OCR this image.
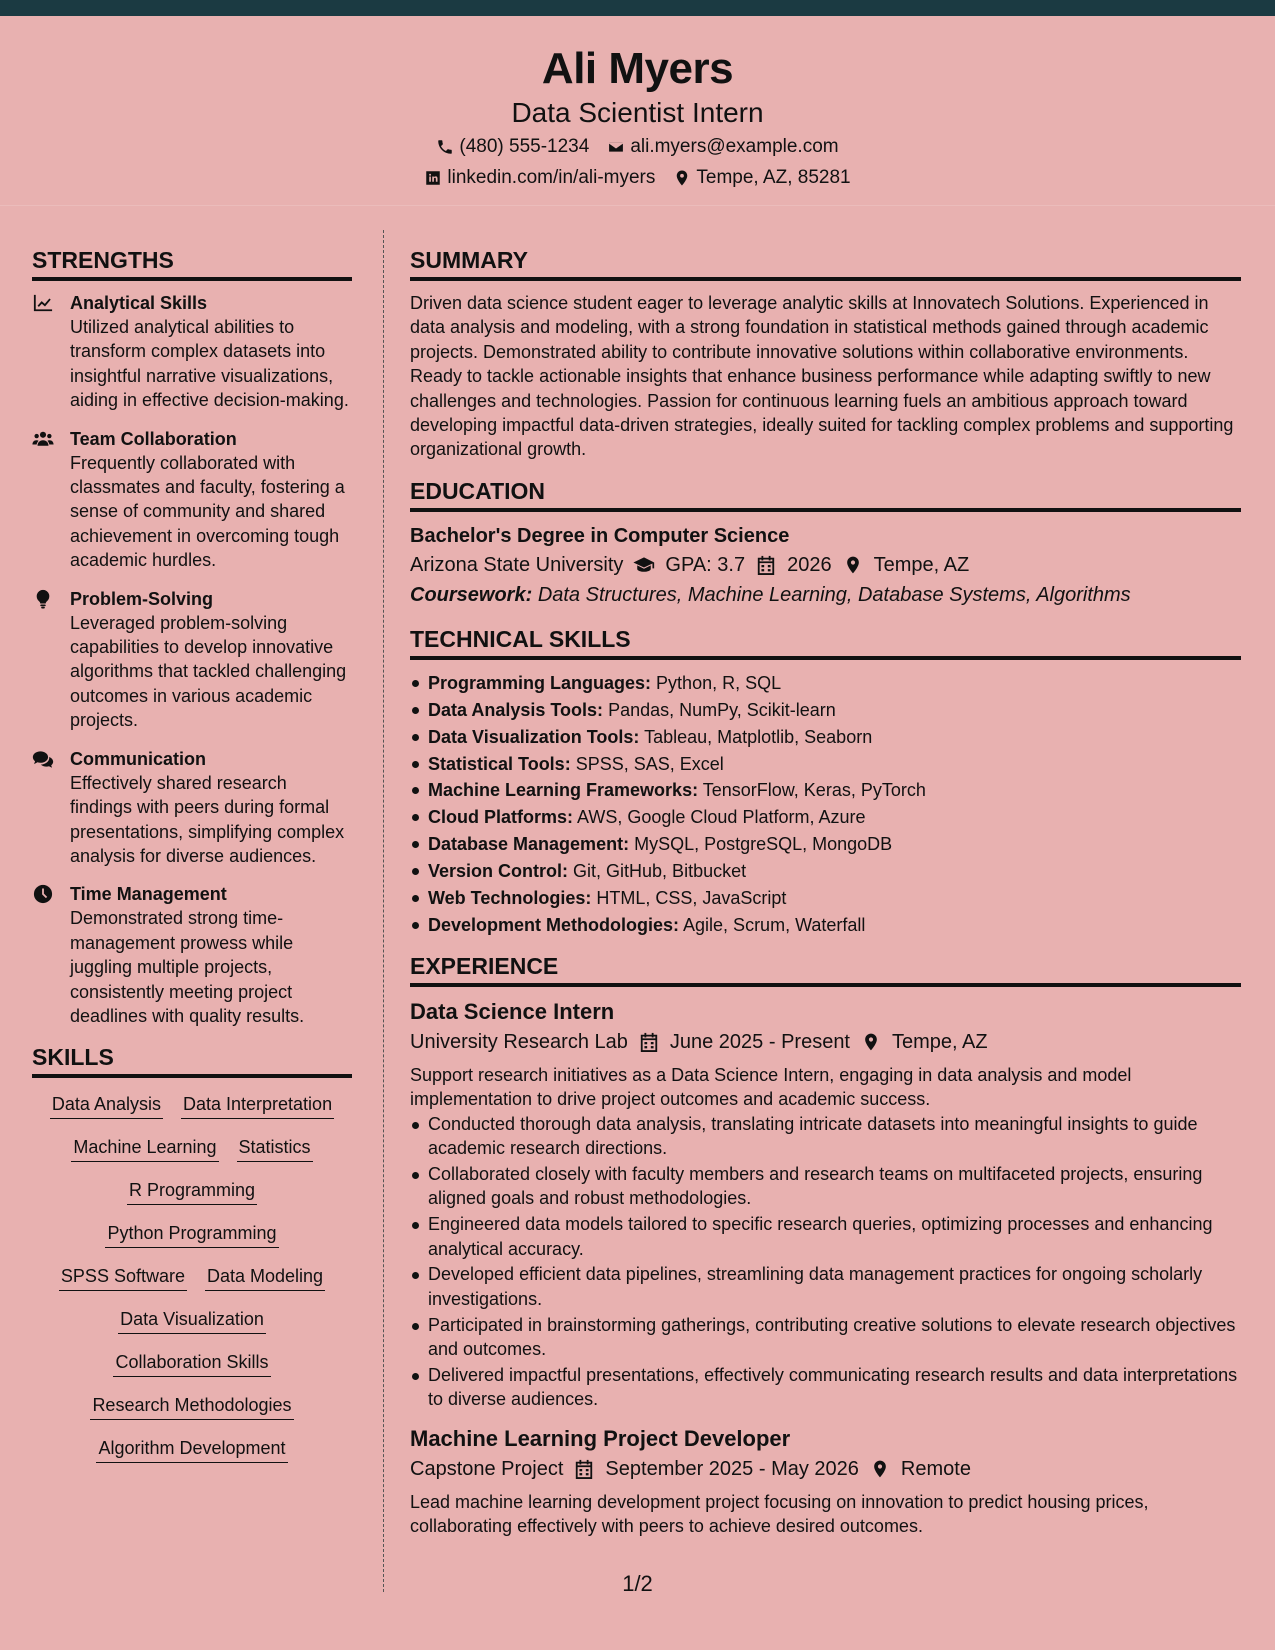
Ali Myers
Data Scientist Intern
(480) 555-1234 ali.myers@example.com
linkedin.com/in/ali-myers Tempe, AZ, 85281
STRENGTHS
Analytical Skills
Utilized analytical abilities to transform complex datasets into insightful narrative visualizations, aiding in effective decision-making.
Team Collaboration
Frequently collaborated with classmates and faculty, fostering a sense of community and shared achievement in overcoming tough academic hurdles.
Problem-Solving
Leveraged problem-solving capabilities to develop innovative algorithms that tackled challenging outcomes in various academic projects.
Communication
Effectively shared research findings with peers during formal presentations, simplifying complex analysis for diverse audiences.
Time Management
Demonstrated strong time-management prowess while juggling multiple projects, consistently meeting project deadlines with quality results.
SKILLS
Data Analysis Data Interpretation
Machine Learning Statistics
R Programming
Python Programming
SPSS Software Data Modeling
Data Visualization
Collaboration Skills
Research Methodologies
Algorithm Development
SUMMARY
Driven data science student eager to leverage analytic skills at Innovatech Solutions. Experienced in data analysis and modeling, with a strong foundation in statistical methods gained through academic projects. Demonstrated ability to contribute innovative solutions within collaborative environments. Ready to tackle actionable insights that enhance business performance while adapting swiftly to new challenges and technologies. Passion for continuous learning fuels an ambitious approach toward developing impactful data-driven strategies, ideally suited for tackling complex problems and supporting organizational growth.
EDUCATION
Bachelor's Degree in Computer Science
Arizona State University GPA: 3.7 2026 Tempe, AZ
Coursework: Data Structures, Machine Learning, Database Systems, Algorithms
TECHNICAL SKILLS
Programming Languages: Python, R, SQL
Data Analysis Tools: Pandas, NumPy, Scikit-learn
Data Visualization Tools: Tableau, Matplotlib, Seaborn
Statistical Tools: SPSS, SAS, Excel
Machine Learning Frameworks: TensorFlow, Keras, PyTorch
Cloud Platforms: AWS, Google Cloud Platform, Azure
Database Management: MySQL, PostgreSQL, MongoDB
Version Control: Git, GitHub, Bitbucket
Web Technologies: HTML, CSS, JavaScript
Development Methodologies: Agile, Scrum, Waterfall
EXPERIENCE
Data Science Intern
University Research Lab June 2025 - Present Tempe, AZ
Support research initiatives as a Data Science Intern, engaging in data analysis and model implementation to drive project outcomes and academic success.
Conducted thorough data analysis, translating intricate datasets into meaningful insights to guide academic research directions.
Collaborated closely with faculty members and research teams on multifaceted projects, ensuring aligned goals and robust methodologies.
Engineered data models tailored to specific research queries, optimizing processes and enhancing analytical accuracy.
Developed efficient data pipelines, streamlining data management practices for ongoing scholarly investigations.
Participated in brainstorming gatherings, contributing creative solutions to elevate research objectives and outcomes.
Delivered impactful presentations, effectively communicating research results and data interpretations to diverse audiences.
Machine Learning Project Developer
Capstone Project September 2025 - May 2026 Remote
Lead machine learning development project focusing on innovation to predict housing prices, collaborating effectively with peers to achieve desired outcomes.
1/2
